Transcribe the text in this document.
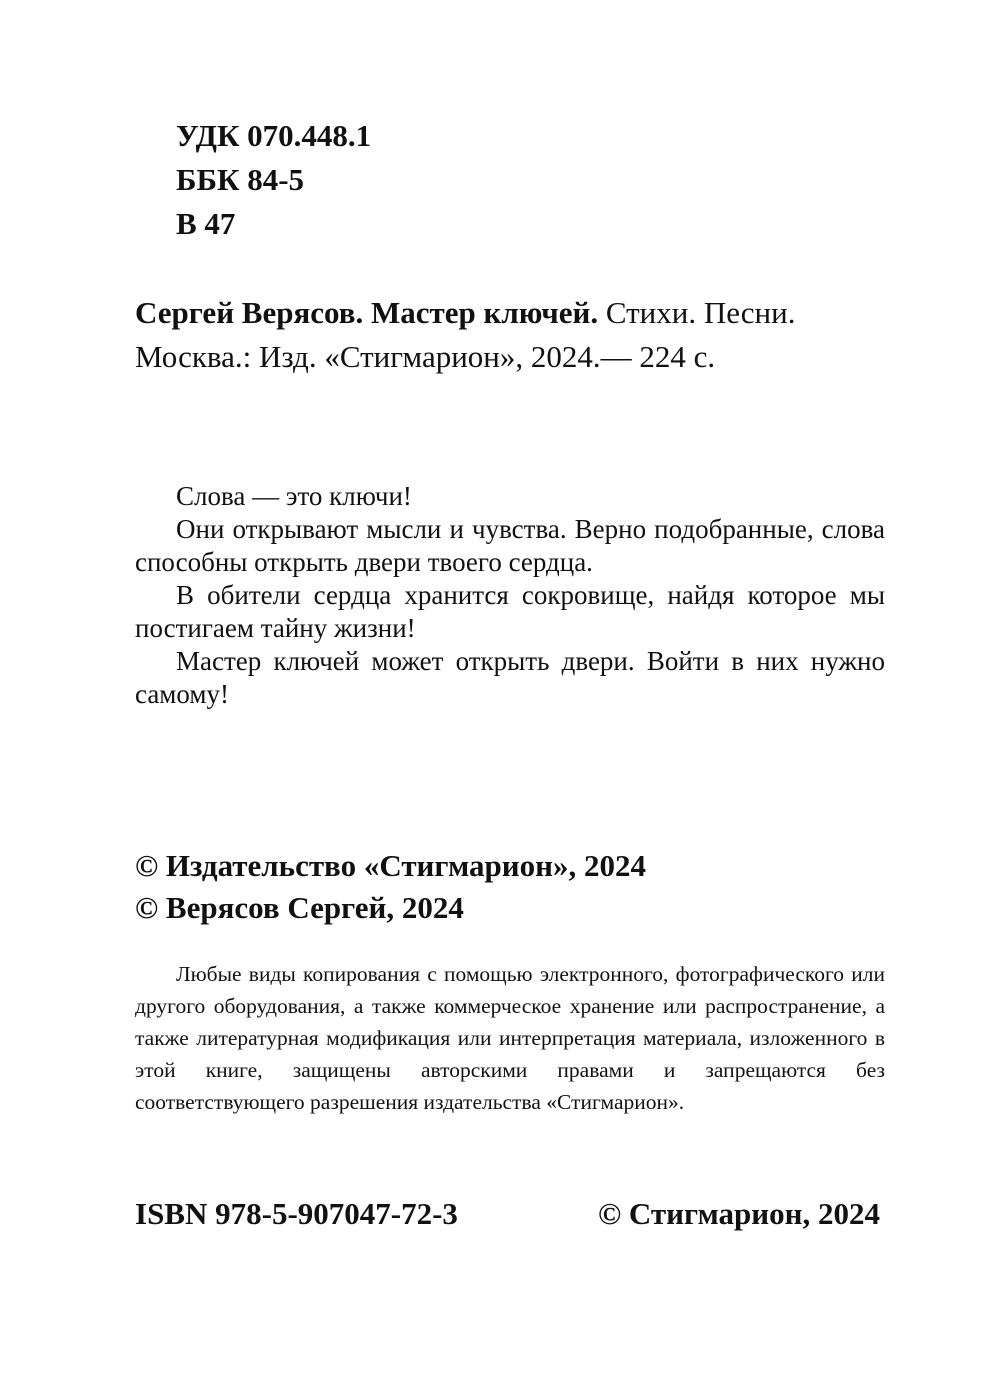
УДК 070.448.1
ББК 84-5
В 47
Сергей Верясов. Мастер ключей. Стихи. Песни.
Москва.: Изд. «Стигмарион», 2024.— 224 с.

Слова — это ключи!

Они открывают мысли и чувства. Верно подобранные, слова способны открыть двери твоего сердца.

В обители сердца хранится сокровище, найдя которое мы постигаем тайну жизни!

Мастер ключей может открыть двери. Войти в них нужно самому!

© Издательство «Стигмарион», 2024
© Верясов Сергей, 2024

Любые виды копирования с помощью электронного, фотографического или другого оборудования, а также коммерческое хранение или распространение, а также литературная модификация или интерпретация материала, изложенного в этой книге, защищены авторскими правами и запрещаются без соответствующего разрешения издательства «Стигмарион».

ISBN 978-5-907047-72-3	© Стигмарион, 2024
